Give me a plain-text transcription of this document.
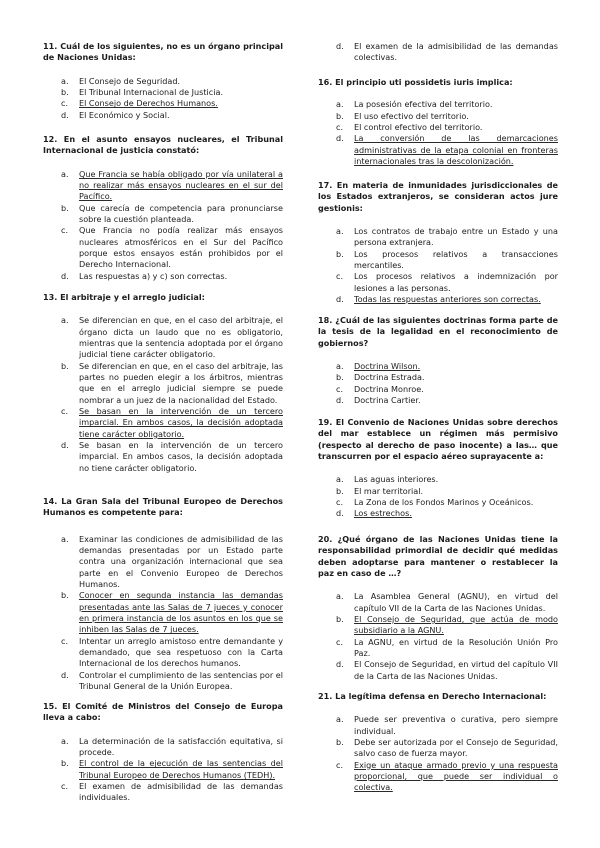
11. Cuál de los siguientes, no es un órgano principal de Naciones Unidas:

a. El Consejo de Seguridad.
b. El Tribunal Internacional de Justicia.
c. El Consejo de Derechos Humanos.
d. El Económico y Social.

12. En el asunto ensayos nucleares, el Tribunal Internacional de justicia constató:

a. Que Francia se había obligado por vía unilateral a no realizar más ensayos nucleares en el sur del Pacífico.
b. Que carecía de competencia para pronunciarse sobre la cuestión planteada.
c. Que Francia no podía realizar más ensayos nucleares atmosféricos en el Sur del Pacífico porque estos ensayos están prohibidos por el Derecho Internacional.
d. Las respuestas a) y c) son correctas.

13. El arbitraje y el arreglo judicial:

a. Se diferencian en que, en el caso del arbitraje, el órgano dicta un laudo que no es obligatorio, mientras que la sentencia adoptada por el órgano judicial tiene carácter obligatorio.
b. Se diferencian en que, en el caso del arbitraje, las partes no pueden elegir a los árbitros, mientras que en el arreglo judicial siempre se puede nombrar a un juez de la nacionalidad del Estado.
c. Se basan en la intervención de un tercero imparcial. En ambos casos, la decisión adoptada tiene carácter obligatorio.
d. Se basan en la intervención de un tercero imparcial. En ambos casos, la decisión adoptada no tiene carácter obligatorio.

14. La Gran Sala del Tribunal Europeo de Derechos Humanos es competente para:

a. Examinar las condiciones de admisibilidad de las demandas presentadas por un Estado parte contra una organización internacional que sea parte en el Convenio Europeo de Derechos Humanos.
b. Conocer en segunda instancia las demandas presentadas ante las Salas de 7 jueces y conocer en primera instancia de los asuntos en los que se inhiben las Salas de 7 jueces.
c. Intentar un arreglo amistoso entre demandante y demandado, que sea respetuoso con la Carta Internacional de los derechos humanos.
d. Controlar el cumplimiento de las sentencias por el Tribunal General de la Unión Europea.

15. El Comité de Ministros del Consejo de Europa lleva a cabo:

a. La determinación de la satisfacción equitativa, si procede.
b. El control de la ejecución de las sentencias del Tribunal Europeo de Derechos Humanos (TEDH).
c. El examen de admisibilidad de las demandas individuales.
d. El examen de la admisibilidad de las demandas colectivas.

16. El principio uti possidetis iuris implica:

a. La posesión efectiva del territorio.
b. El uso efectivo del territorio.
c. El control efectivo del territorio.
d. La conversión de las demarcaciones administrativas de la etapa colonial en fronteras internacionales tras la descolonización.

17. En materia de inmunidades jurisdiccionales de los Estados extranjeros, se consideran actos jure gestionis:

a. Los contratos de trabajo entre un Estado y una persona extranjera.
b. Los procesos relativos a transacciones mercantiles.
c. Los procesos relativos a indemnización por lesiones a las personas.
d. Todas las respuestas anteriores son correctas.

18. ¿Cuál de las siguientes doctrinas forma parte de la tesis de la legalidad en el reconocimiento de gobiernos?

a. Doctrina Wilson.
b. Doctrina Estrada.
c. Doctrina Monroe.
d. Doctrina Cartier.

19. El Convenio de Naciones Unidas sobre derechos del mar establece un régimen más permisivo (respecto al derecho de paso inocente) a las… que transcurren por el espacio aéreo suprayacente a:

a. Las aguas interiores.
b. El mar territorial.
c. La Zona de los Fondos Marinos y Oceánicos.
d. Los estrechos.

20. ¿Qué órgano de las Naciones Unidas tiene la responsabilidad primordial de decidir qué medidas deben adoptarse para mantener o restablecer la paz en caso de …?

a. La Asamblea General (AGNU), en virtud del capítulo VII de la Carta de las Naciones Unidas.
b. El Consejo de Seguridad, que actúa de modo subsidiario a la AGNU.
c. La AGNU, en virtud de la Resolución Unión Pro Paz.
d. El Consejo de Seguridad, en virtud del capítulo VII de la Carta de las Naciones Unidas.

21. La legítima defensa en Derecho Internacional:

a. Puede ser preventiva o curativa, pero siempre individual.
b. Debe ser autorizada por el Consejo de Seguridad, salvo caso de fuerza mayor.
c. Exige un ataque armado previo y una respuesta proporcional, que puede ser individual o colectiva.
